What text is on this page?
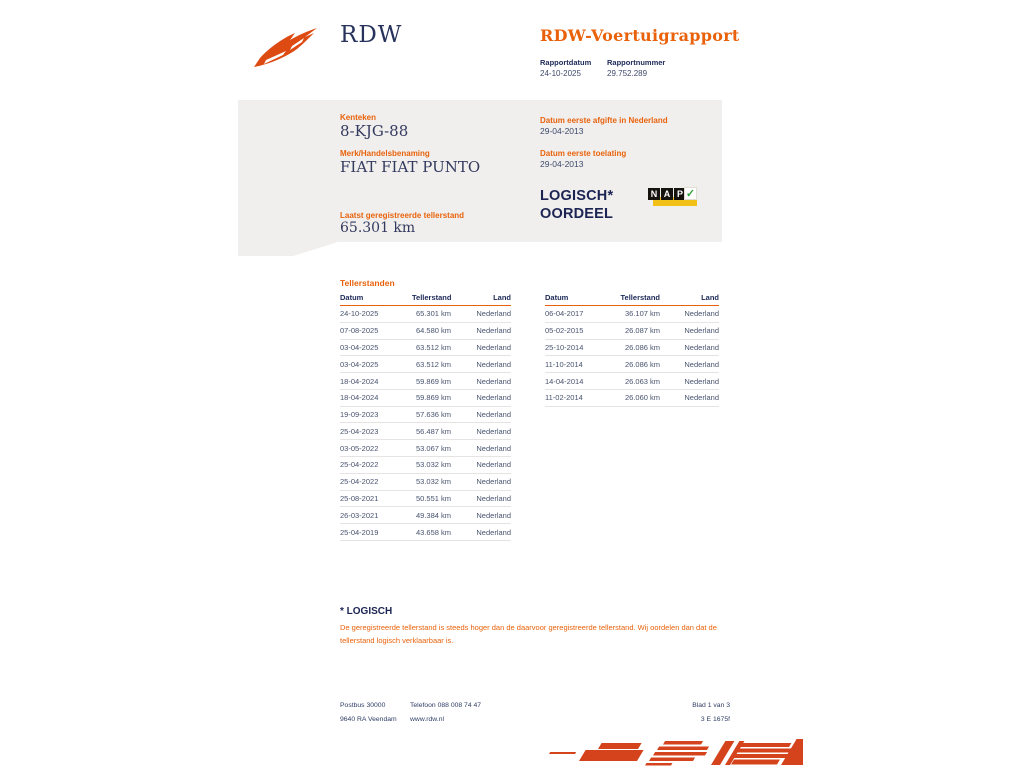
RDW	RDW-Voertuigrapport
Rapportdatum
24-10-2025
Rapportnummer
29.752.289
Kenteken
8-KJG-88
Merk/Handelsbenaming
FIAT FIAT PUNTO
Laatst geregistreerde tellerstand
65.301 km
Datum eerste afgifte in Nederland
29-04-2013
Datum eerste toelating
29-04-2013
LOGISCH*
OORDEEL
N A P ✓
Tellerstanden
Datum	Tellerstand	Land
24-10-2025	65.301 km	Nederland
07-08-2025	64.580 km	Nederland
03-04-2025	63.512 km	Nederland
03-04-2025	63.512 km	Nederland
18-04-2024	59.869 km	Nederland
18-04-2024	59.869 km	Nederland
19-09-2023	57.636 km	Nederland
25-04-2023	56.487 km	Nederland
03-05-2022	53.067 km	Nederland
25-04-2022	53.032 km	Nederland
25-04-2022	53.032 km	Nederland
25-08-2021	50.551 km	Nederland
26-03-2021	49.384 km	Nederland
25-04-2019	43.658 km	Nederland
Datum	Tellerstand	Land
06-04-2017	36.107 km	Nederland
05-02-2015	26.087 km	Nederland
25-10-2014	26.086 km	Nederland
11-10-2014	26.086 km	Nederland
14-04-2014	26.063 km	Nederland
11-02-2014	26.060 km	Nederland
* LOGISCH
De geregistreerde tellerstand is steeds hoger dan de daarvoor geregistreerde tellerstand. Wij oordelen dan dat de tellerstand logisch verklaarbaar is.
Postbus 30000
9640 RA Veendam
Telefoon 088 008 74 47
www.rdw.nl
Blad 1 van 3
3 E 1675f
